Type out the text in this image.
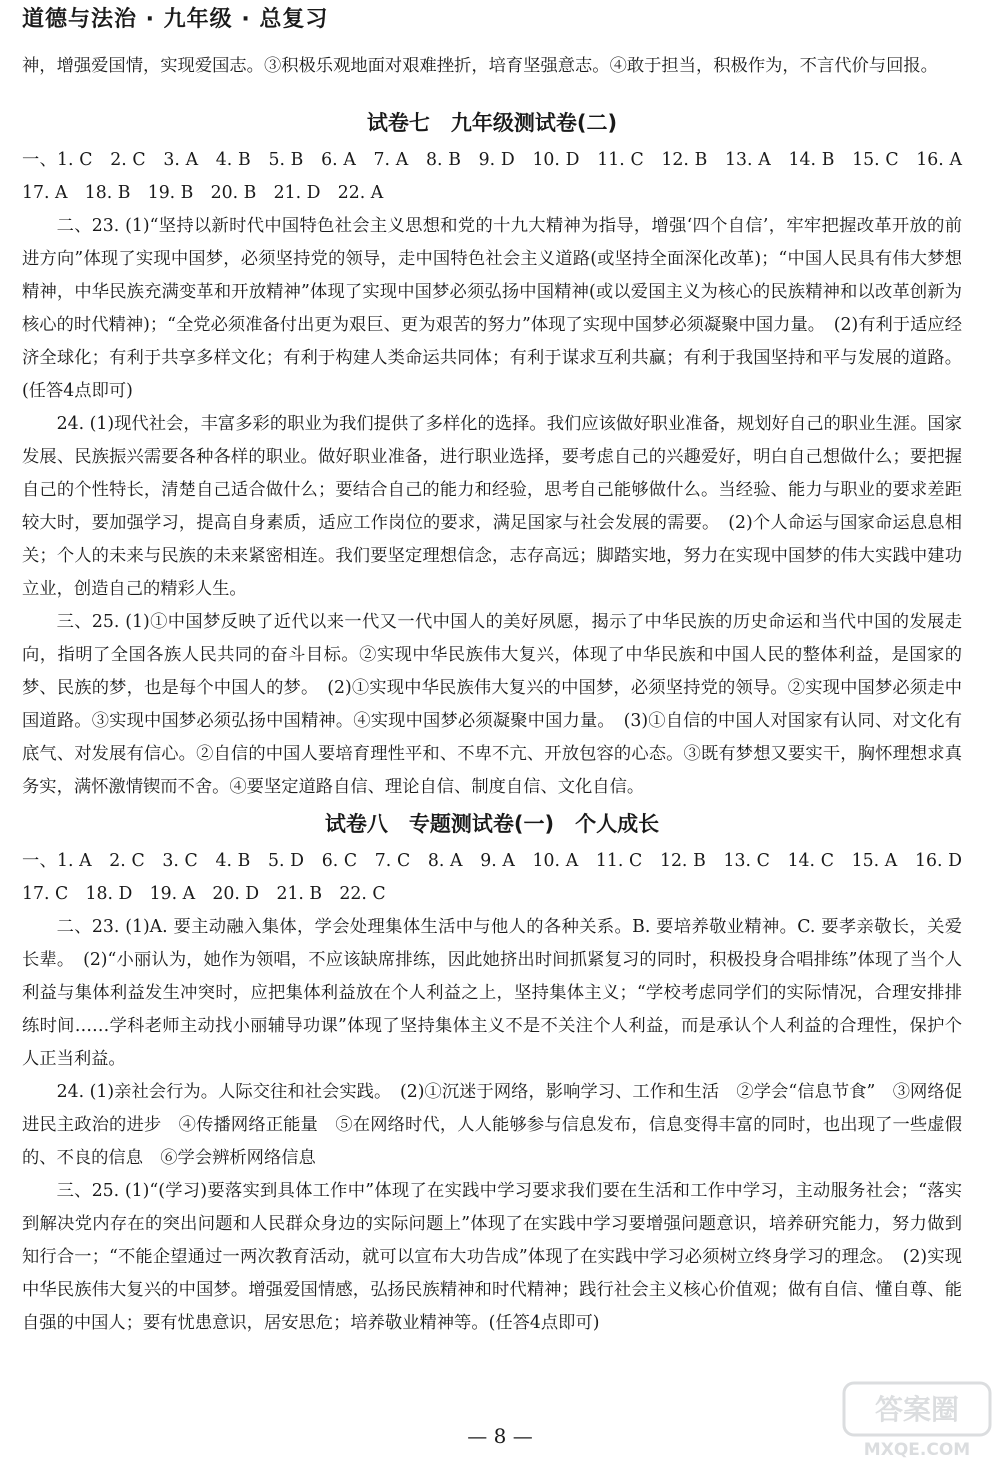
道德与法治 · 九年级 · 总复习

神，增强爱国情，实现爱国志。③积极乐观地面对艰难挫折，培育坚强意志。④敢于担当，积极作为，不言代价与回报。

试卷七　九年级测试卷(二)

一、1. C　2. C　3. A　4. B　5. B　6. A　7. A　8. B　9. D　10. D　11. C　12. B　13. A　14. B　15. C　16. A　17. A　18. B　19. B　20. B　21. D　22. A

二、23. (1)“坚持以新时代中国特色社会主义思想和党的十九大精神为指导，增强‘四个自信’，牢牢把握改革开放的前进方向”体现了实现中国梦，必须坚持党的领导，走中国特色社会主义道路(或坚持全面深化改革)；“中国人民具有伟大梦想精神，中华民族充满变革和开放精神”体现了实现中国梦必须弘扬中国精神(或以爱国主义为核心的民族精神和以改革创新为核心的时代精神)；“全党必须准备付出更为艰巨、更为艰苦的努力”体现了实现中国梦必须凝聚中国力量。　(2)有利于适应经济全球化；有利于共享多样文化；有利于构建人类命运共同体；有利于谋求互利共赢；有利于我国坚持和平与发展的道路。(任答4点即可)

24. (1)现代社会，丰富多彩的职业为我们提供了多样化的选择。我们应该做好职业准备，规划好自己的职业生涯。国家发展、民族振兴需要各种各样的职业。做好职业准备，进行职业选择，要考虑自己的兴趣爱好，明白自己想做什么；要把握自己的个性特长，清楚自己适合做什么；要结合自己的能力和经验，思考自己能够做什么。当经验、能力与职业的要求差距较大时，要加强学习，提高自身素质，适应工作岗位的要求，满足国家与社会发展的需要。　(2)个人命运与国家命运息息相关；个人的未来与民族的未来紧密相连。我们要坚定理想信念，志存高远；脚踏实地，努力在实现中国梦的伟大实践中建功立业，创造自己的精彩人生。

三、25. (1)①中国梦反映了近代以来一代又一代中国人的美好夙愿，揭示了中华民族的历史命运和当代中国的发展走向，指明了全国各族人民共同的奋斗目标。②实现中华民族伟大复兴，体现了中华民族和中国人民的整体利益，是国家的梦、民族的梦，也是每个中国人的梦。　(2)①实现中华民族伟大复兴的中国梦，必须坚持党的领导。②实现中国梦必须走中国道路。③实现中国梦必须弘扬中国精神。④实现中国梦必须凝聚中国力量。　(3)①自信的中国人对国家有认同、对文化有底气、对发展有信心。②自信的中国人要培育理性平和、不卑不亢、开放包容的心态。③既有梦想又要实干，胸怀理想求真务实，满怀激情锲而不舍。④要坚定道路自信、理论自信、制度自信、文化自信。

试卷八　专题测试卷(一)　个人成长

一、1. A　2. C　3. C　4. B　5. D　6. C　7. C　8. A　9. A　10. A　11. C　12. B　13. C　14. C　15. A　16. D　17. C　18. D　19. A　20. D　21. B　22. C

二、23. (1)A. 要主动融入集体，学会处理集体生活中与他人的各种关系。B. 要培养敬业精神。C. 要孝亲敬长，关爱长辈。　(2)“小丽认为，她作为领唱，不应该缺席排练，因此她挤出时间抓紧复习的同时，积极投身合唱排练”体现了当个人利益与集体利益发生冲突时，应把集体利益放在个人利益之上，坚持集体主义；“学校考虑同学们的实际情况，合理安排排练时间……学科老师主动找小丽辅导功课”体现了坚持集体主义不是不关注个人利益，而是承认个人利益的合理性，保护个人正当利益。

24. (1)亲社会行为。人际交往和社会实践。　(2)①沉迷于网络，影响学习、工作和生活　②学会“信息节食”　③网络促进民主政治的进步　④传播网络正能量　⑤在网络时代，人人能够参与信息发布，信息变得丰富的同时，也出现了一些虚假的、不良的信息　⑥学会辨析网络信息

三、25. (1)“(学习)要落实到具体工作中”体现了在实践中学习要求我们要在生活和工作中学习，主动服务社会；“落实到解决党内存在的突出问题和人民群众身边的实际问题上”体现了在实践中学习要增强问题意识，培养研究能力，努力做到知行合一；“不能企望通过一两次教育活动，就可以宣布大功告成”体现了在实践中学习必须树立终身学习的理念。　(2)实现中华民族伟大复兴的中国梦。增强爱国情感，弘扬民族精神和时代精神；践行社会主义核心价值观；做有自信、懂自尊、能自强的中国人；要有忧患意识，居安思危；培养敬业精神等。(任答4点即可)

— 8 —
答案圈
MXQE.COM
